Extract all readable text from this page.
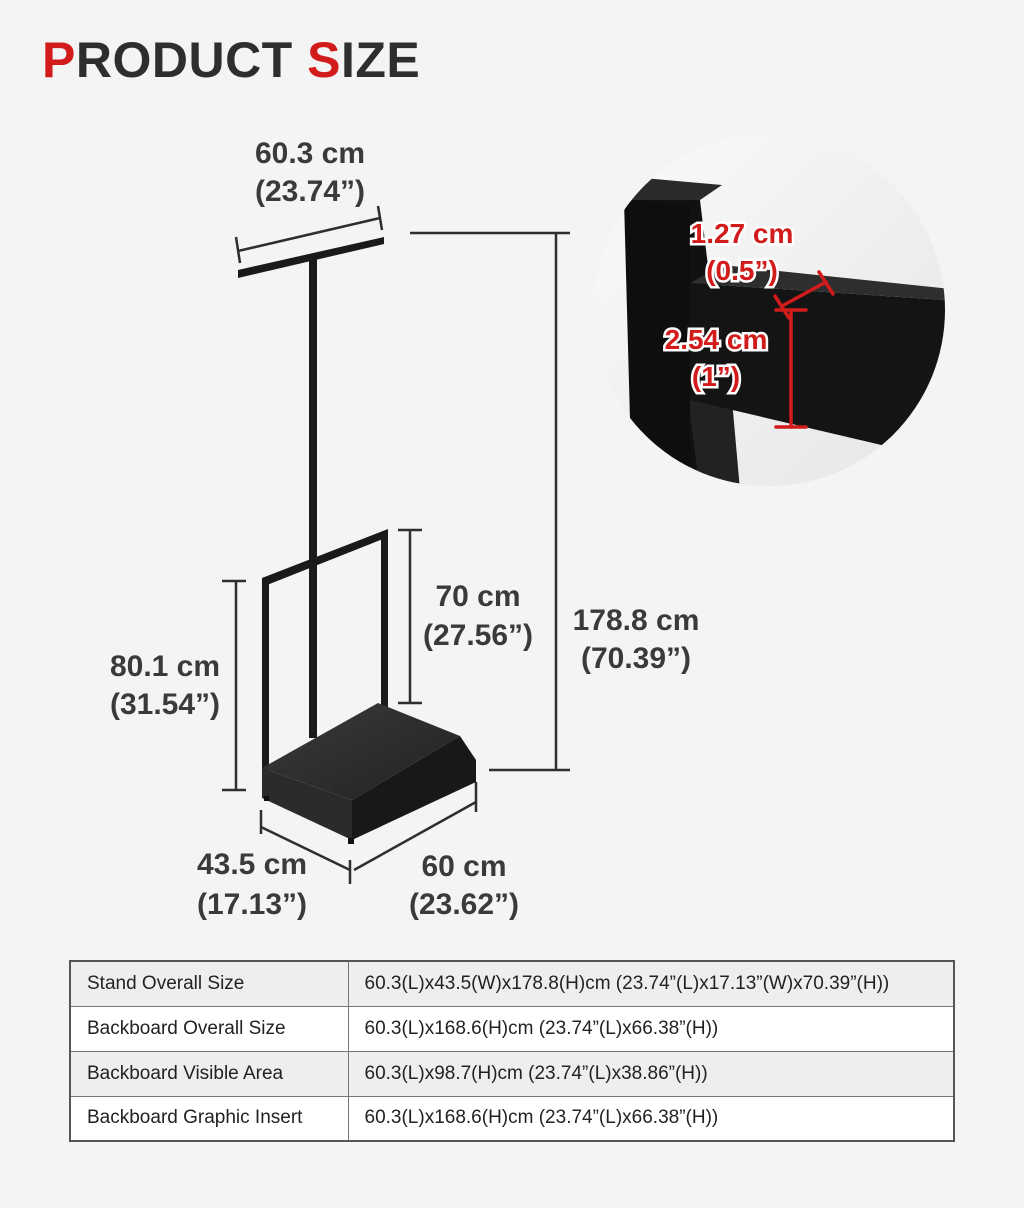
PRODUCT SIZE
60.3 cm
(23.74”)
178.8 cm
(70.39”)
70 cm
(27.56”)
80.1 cm
(31.54”)
43.5 cm
(17.13”)
60 cm
(23.62”)
1.27 cm
(0.5”)
2.54 cm
(1”)
Stand Overall Size	60.3(L)x43.5(W)x178.8(H)cm (23.74”(L)x17.13”(W)x70.39”(H))
Backboard Overall Size	60.3(L)x168.6(H)cm (23.74”(L)x66.38”(H))
Backboard Visible Area	60.3(L)x98.7(H)cm (23.74”(L)x38.86”(H))
Backboard Graphic Insert	60.3(L)x168.6(H)cm (23.74”(L)x66.38”(H))
